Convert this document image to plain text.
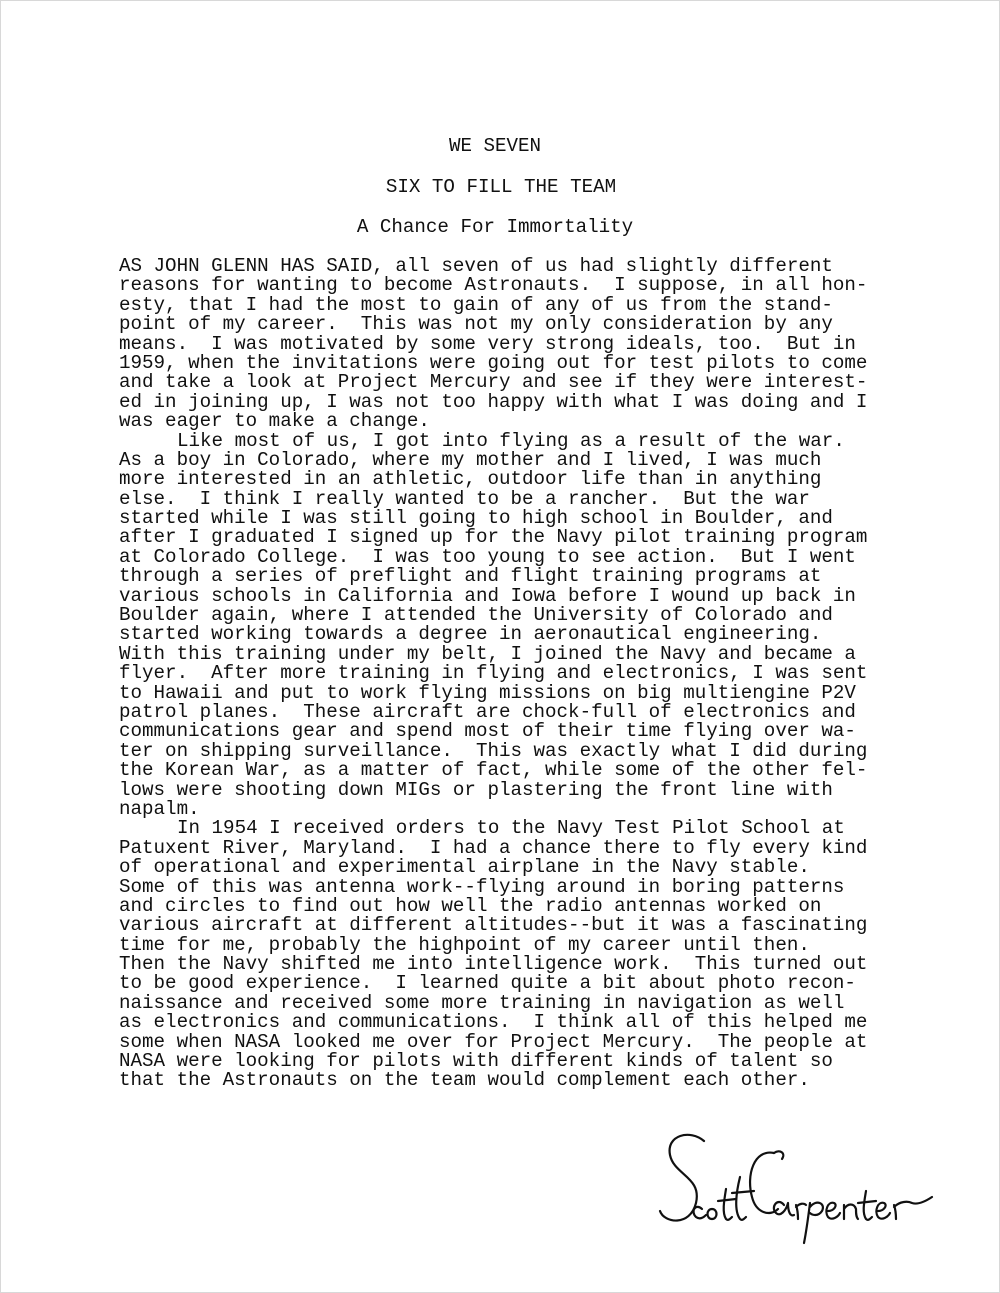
WE SEVEN
SIX TO FILL THE TEAM
A Chance For Immortality
AS JOHN GLENN HAS SAID, all seven of us had slightly different
reasons for wanting to become Astronauts.  I suppose, in all hon-
esty, that I had the most to gain of any of us from the stand-
point of my career.  This was not my only consideration by any
means.  I was motivated by some very strong ideals, too.  But in
1959, when the invitations were going out for test pilots to come
and take a look at Project Mercury and see if they were interest-
ed in joining up, I was not too happy with what I was doing and I
was eager to make a change.
Like most of us, I got into flying as a result of the war.
As a boy in Colorado, where my mother and I lived, I was much
more interested in an athletic, outdoor life than in anything
else.  I think I really wanted to be a rancher.  But the war
started while I was still going to high school in Boulder, and
after I graduated I signed up for the Navy pilot training program
at Colorado College.  I was too young to see action.  But I went
through a series of preflight and flight training programs at
various schools in California and Iowa before I wound up back in
Boulder again, where I attended the University of Colorado and
started working towards a degree in aeronautical engineering.
With this training under my belt, I joined the Navy and became a
flyer.  After more training in flying and electronics, I was sent
to Hawaii and put to work flying missions on big multiengine P2V
patrol planes.  These aircraft are chock-full of electronics and
communications gear and spend most of their time flying over wa-
ter on shipping surveillance.  This was exactly what I did during
the Korean War, as a matter of fact, while some of the other fel-
lows were shooting down MIGs or plastering the front line with
napalm.
In 1954 I received orders to the Navy Test Pilot School at
Patuxent River, Maryland.  I had a chance there to fly every kind
of operational and experimental airplane in the Navy stable.
Some of this was antenna work--flying around in boring patterns
and circles to find out how well the radio antennas worked on
various aircraft at different altitudes--but it was a fascinating
time for me, probably the highpoint of my career until then.
Then the Navy shifted me into intelligence work.  This turned out
to be good experience.  I learned quite a bit about photo recon-
naissance and received some more training in navigation as well
as electronics and communications.  I think all of this helped me
some when NASA looked me over for Project Mercury.  The people at
NASA were looking for pilots with different kinds of talent so
that the Astronauts on the team would complement each other.
